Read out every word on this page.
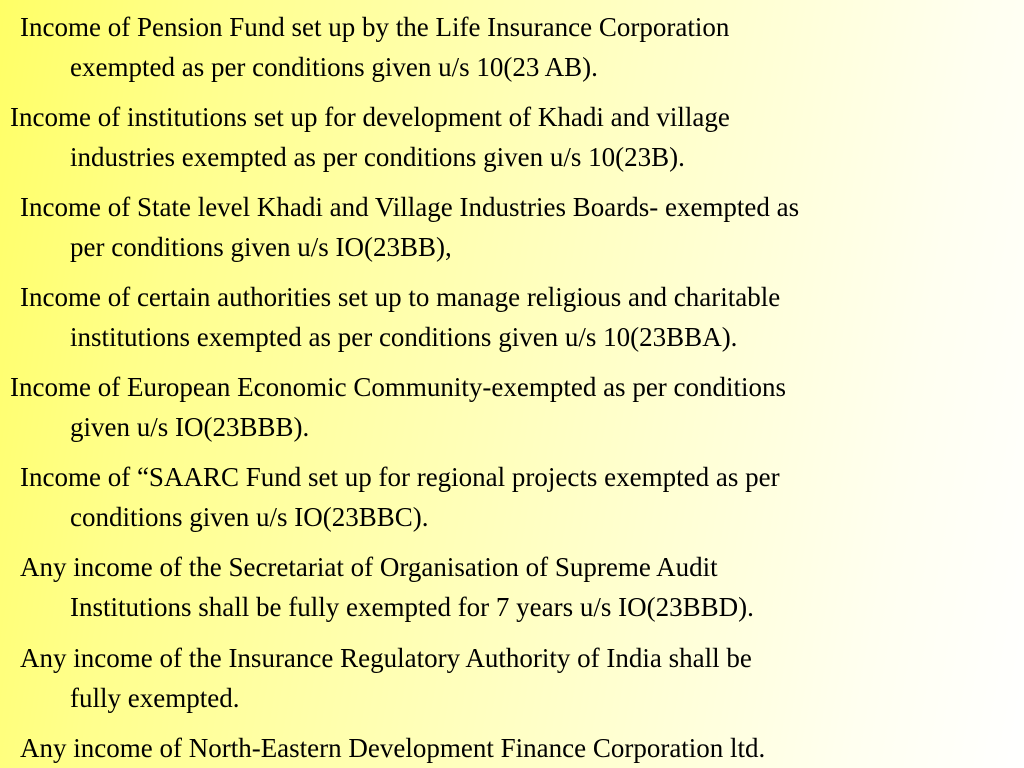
Income of Pension Fund set up by the Life Insurance Corporation
exempted as per conditions given u/s 10(23 AB).
Income of institutions set up for development of Khadi and village
industries exempted as per conditions given u/s 10(23B).
Income of State level Khadi and Village Industries Boards- exempted as
per conditions given u/s IO(23BB),
Income of certain authorities set up to manage religious and charitable
institutions exempted as per conditions given u/s 10(23BBA).
Income of European Economic Community-exempted as per conditions
given u/s IO(23BBB).
Income of “SAARC Fund set up for regional projects exempted as per
conditions given u/s IO(23BBC).
Any income of the Secretariat of Organisation of Supreme Audit
Institutions shall be fully exempted for 7 years u/s IO(23BBD).
Any income of the Insurance Regulatory Authority of India shall be
fully exempted.
Any income of North-Eastern Development Finance Corporation ltd.
